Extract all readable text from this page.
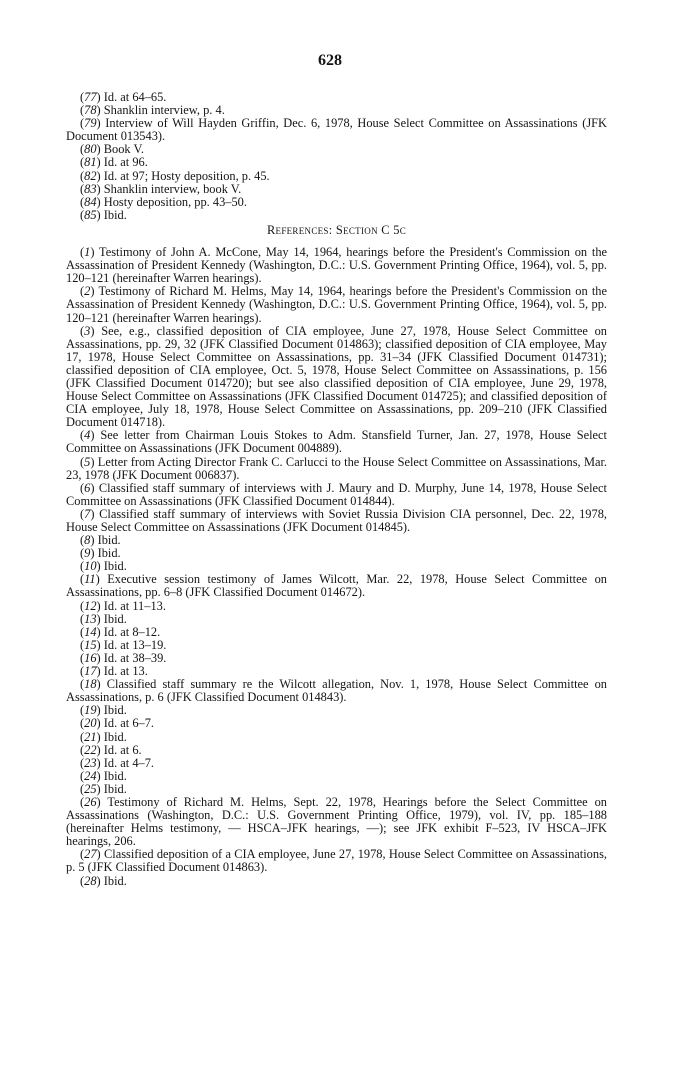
628

(77) Id. at 64–65.

(78) Shanklin interview, p. 4.

(79) Interview of Will Hayden Griffin, Dec. 6, 1978, House Select Committee on Assassinations (JFK Document 013543).

(80) Book V.

(81) Id. at 96.

(82) Id. at 97; Hosty deposition, p. 45.

(83) Shanklin interview, book V.

(84) Hosty deposition, pp. 43–50.

(85) Ibid.

References: Section C 5c

(1) Testimony of John A. McCone, May 14, 1964, hearings before the President's Commission on the Assassination of President Kennedy (Washington, D.C.: U.S. Government Printing Office, 1964), vol. 5, pp. 120–121 (hereinafter Warren hearings).

(2) Testimony of Richard M. Helms, May 14, 1964, hearings before the President's Commission on the Assassination of President Kennedy (Washington, D.C.: U.S. Government Printing Office, 1964), vol. 5, pp. 120–121 (hereinafter Warren hearings).

(3) See, e.g., classified deposition of CIA employee, June 27, 1978, House Select Committee on Assassinations, pp. 29, 32 (JFK Classified Document 014863); classified deposition of CIA employee, May 17, 1978, House Select Committee on Assassinations, pp. 31–34 (JFK Classified Document 014731); classified deposition of CIA employee, Oct. 5, 1978, House Select Committee on Assassinations, p. 156 (JFK Classified Document 014720); but see also classified deposition of CIA employee, June 29, 1978, House Select Committee on Assassinations (JFK Classified Document 014725); and classified deposition of CIA employee, July 18, 1978, House Select Committee on Assassinations, pp. 209–210 (JFK Classified Document 014718).

(4) See letter from Chairman Louis Stokes to Adm. Stansfield Turner, Jan. 27, 1978, House Select Committee on Assassinations (JFK Document 004889).

(5) Letter from Acting Director Frank C. Carlucci to the House Select Committee on Assassinations, Mar. 23, 1978 (JFK Document 006837).

(6) Classified staff summary of interviews with J. Maury and D. Murphy, June 14, 1978, House Select Committee on Assassinations (JFK Classified Document 014844).

(7) Classified staff summary of interviews with Soviet Russia Division CIA personnel, Dec. 22, 1978, House Select Committee on Assassinations (JFK Document 014845).

(8) Ibid.

(9) Ibid.

(10) Ibid.

(11) Executive session testimony of James Wilcott, Mar. 22, 1978, House Select Committee on Assassinations, pp. 6–8 (JFK Classified Document 014672).

(12) Id. at 11–13.

(13) Ibid.

(14) Id. at 8–12.

(15) Id. at 13–19.

(16) Id. at 38–39.

(17) Id. at 13.

(18) Classified staff summary re the Wilcott allegation, Nov. 1, 1978, House Select Committee on Assassinations, p. 6 (JFK Classified Document 014843).

(19) Ibid.

(20) Id. at 6–7.

(21) Ibid.

(22) Id. at 6.

(23) Id. at 4–7.

(24) Ibid.

(25) Ibid.

(26) Testimony of Richard M. Helms, Sept. 22, 1978, Hearings before the Select Committee on Assassinations (Washington, D.C.: U.S. Government Printing Office, 1979), vol. IV, pp. 185–188 (hereinafter Helms testimony, — HSCA–JFK hearings, —); see JFK exhibit F–523, IV HSCA–JFK hearings, 206.

(27) Classified deposition of a CIA employee, June 27, 1978, House Select Committee on Assassinations, p. 5 (JFK Classified Document 014863).

(28) Ibid.
